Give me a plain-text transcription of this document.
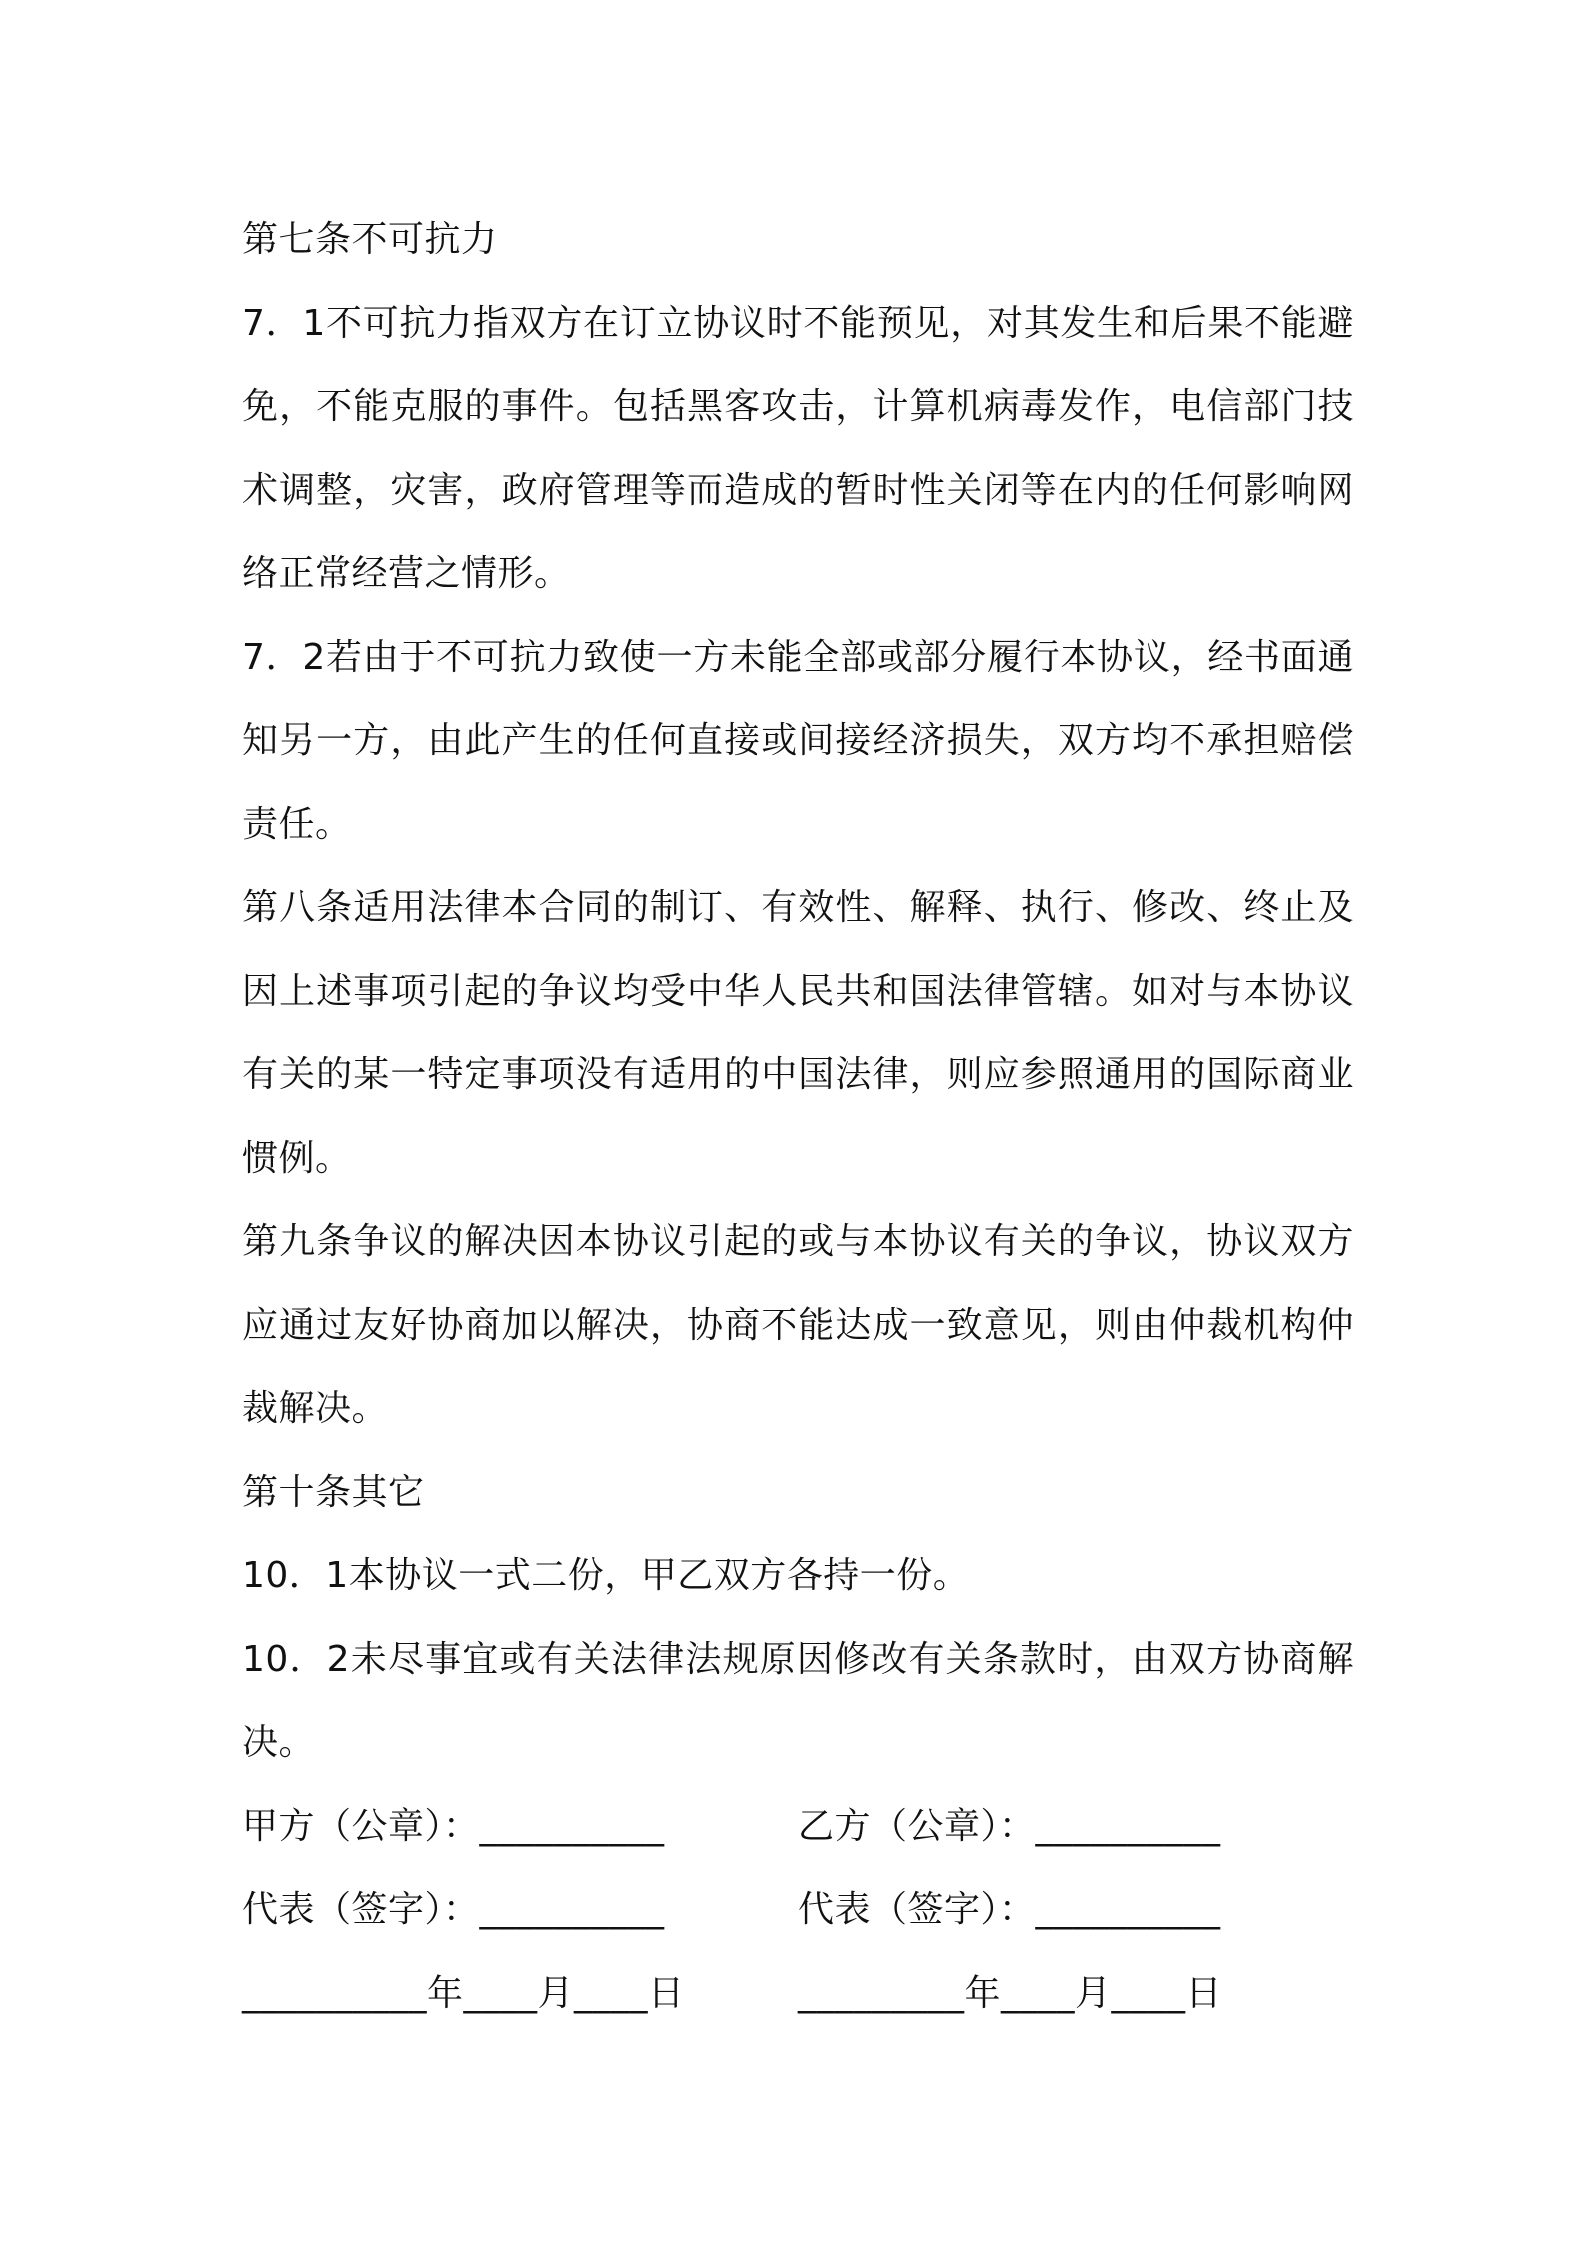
第七条不可抗力

7．1不可抗力指双方在订立协议时不能预见，对其发生和后果不能避免，不能克服的事件。包括黑客攻击，计算机病毒发作，电信部门技术调整，灾害，政府管理等而造成的暂时性关闭等在内的任何影响网络正常经营之情形。

7．2若由于不可抗力致使一方未能全部或部分履行本协议，经书面通知另一方，由此产生的任何直接或间接经济损失，双方均不承担赔偿责任。

第八条适用法律本合同的制订、有效性、解释、执行、修改、终止及因上述事项引起的争议均受中华人民共和国法律管辖。如对与本协议有关的某一特定事项没有适用的中国法律，则应参照通用的国际商业惯例。

第九条争议的解决因本协议引起的或与本协议有关的争议，协议双方应通过友好协商加以解决，协商不能达成一致意见，则由仲裁机构仲裁解决。

第十条其它

10．1本协议一式二份，甲乙双方各持一份。

10．2未尽事宜或有关法律法规原因修改有关条款时，由双方协商解决。

甲方（公章）：__________	乙方（公章）：__________
代表（签字）：__________	代表（签字）：__________
__________年____月____日	_________年____月____日
